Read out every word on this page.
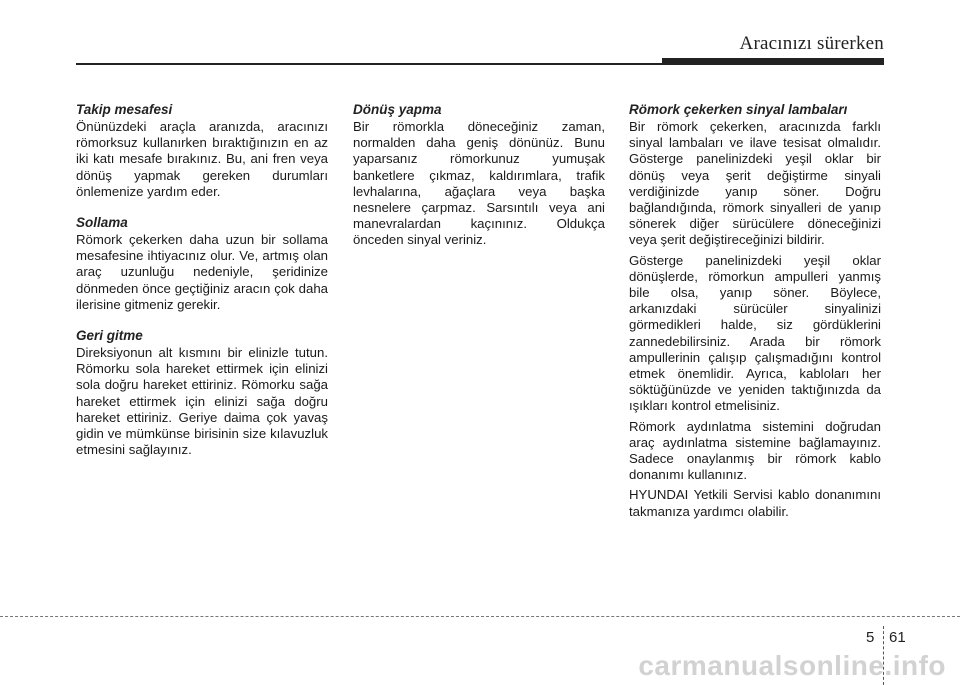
Aracınızı sürerken
Takip mesafesi

Önünüzdeki araçla aranızda, aracınızı römorksuz kullanırken bıraktığınızın en az iki katı mesafe bırakınız. Bu, ani fren veya dönüş yapmak gereken durumları önlemenize yardım eder.

Sollama

Römork çekerken daha uzun bir sollama mesafesine ihtiyacınız olur. Ve, artmış olan araç uzunluğu nedeniyle, şeridinize dönmeden önce geçtiğiniz aracın çok daha ilerisine gitmeniz gerekir.

Geri gitme

Direksiyonun alt kısmını bir elinizle tutun. Römorku sola hareket ettirmek için elinizi sola doğru hareket ettiriniz. Römorku sağa hareket ettirmek için elinizi sağa doğru hareket ettiriniz. Geriye daima çok yavaş gidin ve mümkünse birisinin size kılavuzluk etmesini sağlayınız.

Dönüş yapma

Bir römorkla döneceğiniz zaman, normalden daha geniş dönünüz. Bunu yaparsanız römorkunuz yumuşak banketlere çıkmaz, kaldırımlara, trafik levhalarına, ağaçlara veya başka nesnelere çarpmaz. Sarsıntılı veya ani manevralardan kaçınınız. Oldukça önceden sinyal veriniz.

Römork çekerken sinyal lambaları

Bir römork çekerken, aracınızda farklı sinyal lambaları ve ilave tesisat olmalıdır. Gösterge panelinizdeki yeşil oklar bir dönüş veya şerit değiştirme sinyali verdiğinizde yanıp söner. Doğru bağlandığında, römork sinyalleri de yanıp sönerek diğer sürücülere döneceğinizi veya şerit değiştireceğinizi bildirir.

Gösterge panelinizdeki yeşil oklar dönüşlerde, römorkun ampulleri yanmış bile olsa, yanıp söner. Böylece, arkanızdaki sürücüler sinyalinizi görmedikleri halde, siz gördüklerini zannedebilirsiniz. Arada bir römork ampullerinin çalışıp çalışmadığını kontrol etmek önemlidir. Ayrıca, kabloları her söktüğünüzde ve yeniden taktığınızda da ışıkları kontrol etmelisiniz.

Römork aydınlatma sistemini doğrudan araç aydınlatma sistemine bağlamayınız. Sadece onaylanmış bir römork kablo donanımı kullanınız.

HYUNDAI Yetkili Servisi kablo donanımını takmanıza yardımcı olabilir.

5 61
carmanualsonline.info
